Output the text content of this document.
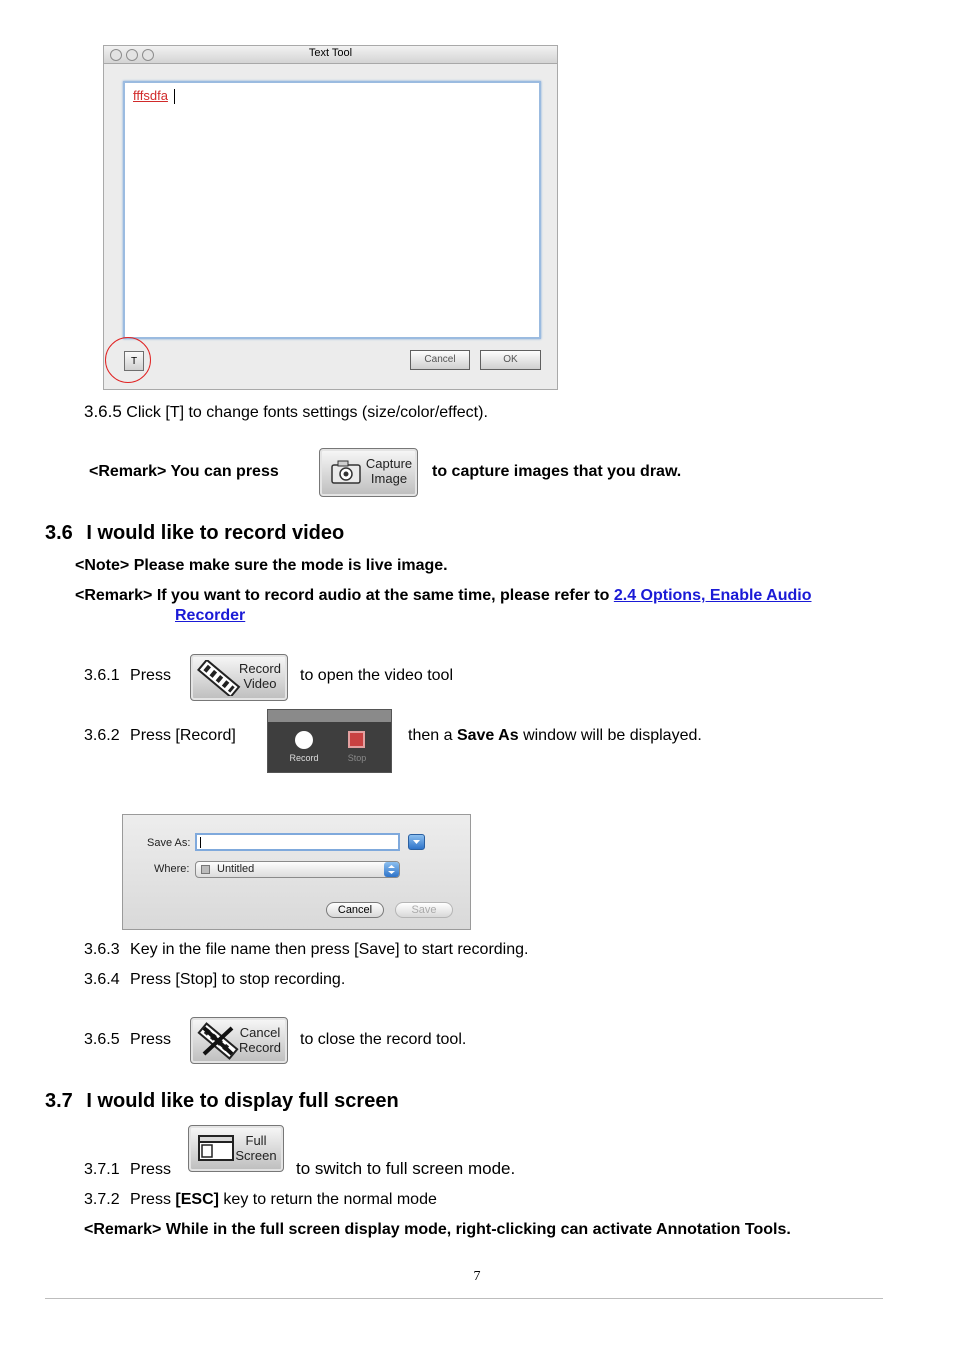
Text Tool
fffsdfa
T	Cancel	OK
3.6.5 Click [T] to change fonts settings (size/color/effect).
<Remark> You can press	Capture
Image	to capture images that you draw.
3.6 I would like to record video
<Note> Please make sure the mode is live image.
<Remark> If you want to record audio at the same time, please refer to 2.4 Options, Enable Audio
Recorder
3.6.1 Press	Record
Video	to open the video tool
3.6.2 Press [Record]
Record	Stop
then a Save As window will be displayed.
Save As:
Where:	Untitled
Cancel	Save
3.6.3 Key in the file name then press [Save] to start recording.
3.6.4 Press [Stop] to stop recording.
3.6.5 Press	Cancel
Record to close the record tool.
3.7 I would like to display full screen
3.7.1 Press
Full
Screen
to switch to full screen mode.
3.7.2 Press [ESC] key to return the normal mode
<Remark> While in the full screen display mode, right-clicking can activate Annotation Tools.
7
